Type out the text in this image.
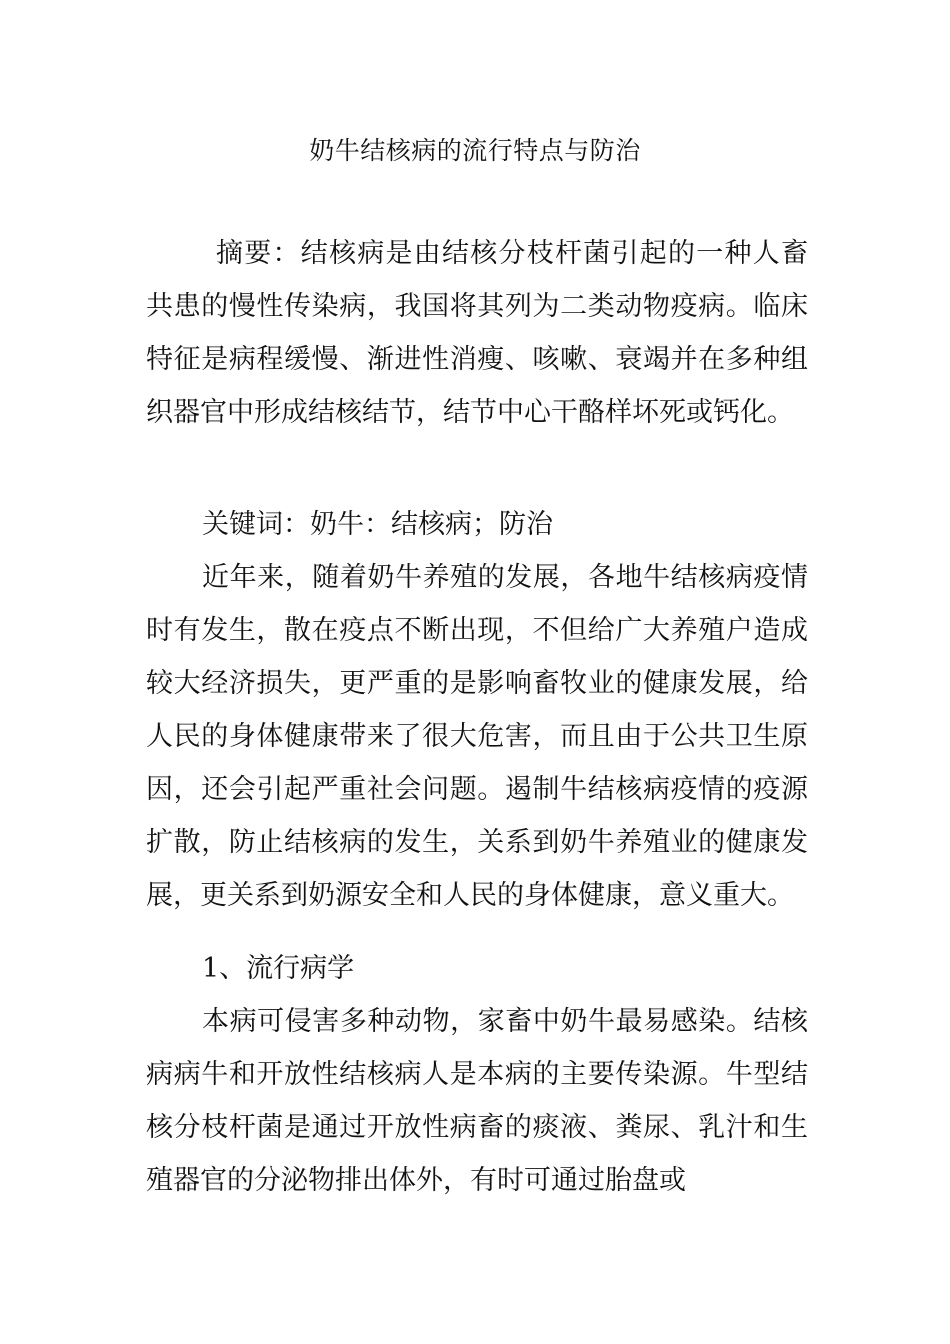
奶牛结核病的流行特点与防治

摘要：结核病是由结核分枝杆菌引起的一种人畜共患的慢性传染病，我国将其列为二类动物疫病。临床特征是病程缓慢、渐进性消瘦、咳嗽、衰竭并在多种组织器官中形成结核结节，结节中心干酪样坏死或钙化。

关键词：奶牛：结核病；防治

近年来，随着奶牛养殖的发展，各地牛结核病疫情时有发生，散在疫点不断出现，不但给广大养殖户造成较大经济损失，更严重的是影响畜牧业的健康发展，给人民的身体健康带来了很大危害，而且由于公共卫生原因，还会引起严重社会问题。遏制牛结核病疫情的疫源扩散，防止结核病的发生，关系到奶牛养殖业的健康发展，更关系到奶源安全和人民的身体健康，意义重大。

1、流行病学

本病可侵害多种动物，家畜中奶牛最易感染。结核病病牛和开放性结核病人是本病的主要传染源。牛型结核分枝杆菌是通过开放性病畜的痰液、粪尿、乳汁和生殖器官的分泌物排出体外，有时可通过胎盘或
